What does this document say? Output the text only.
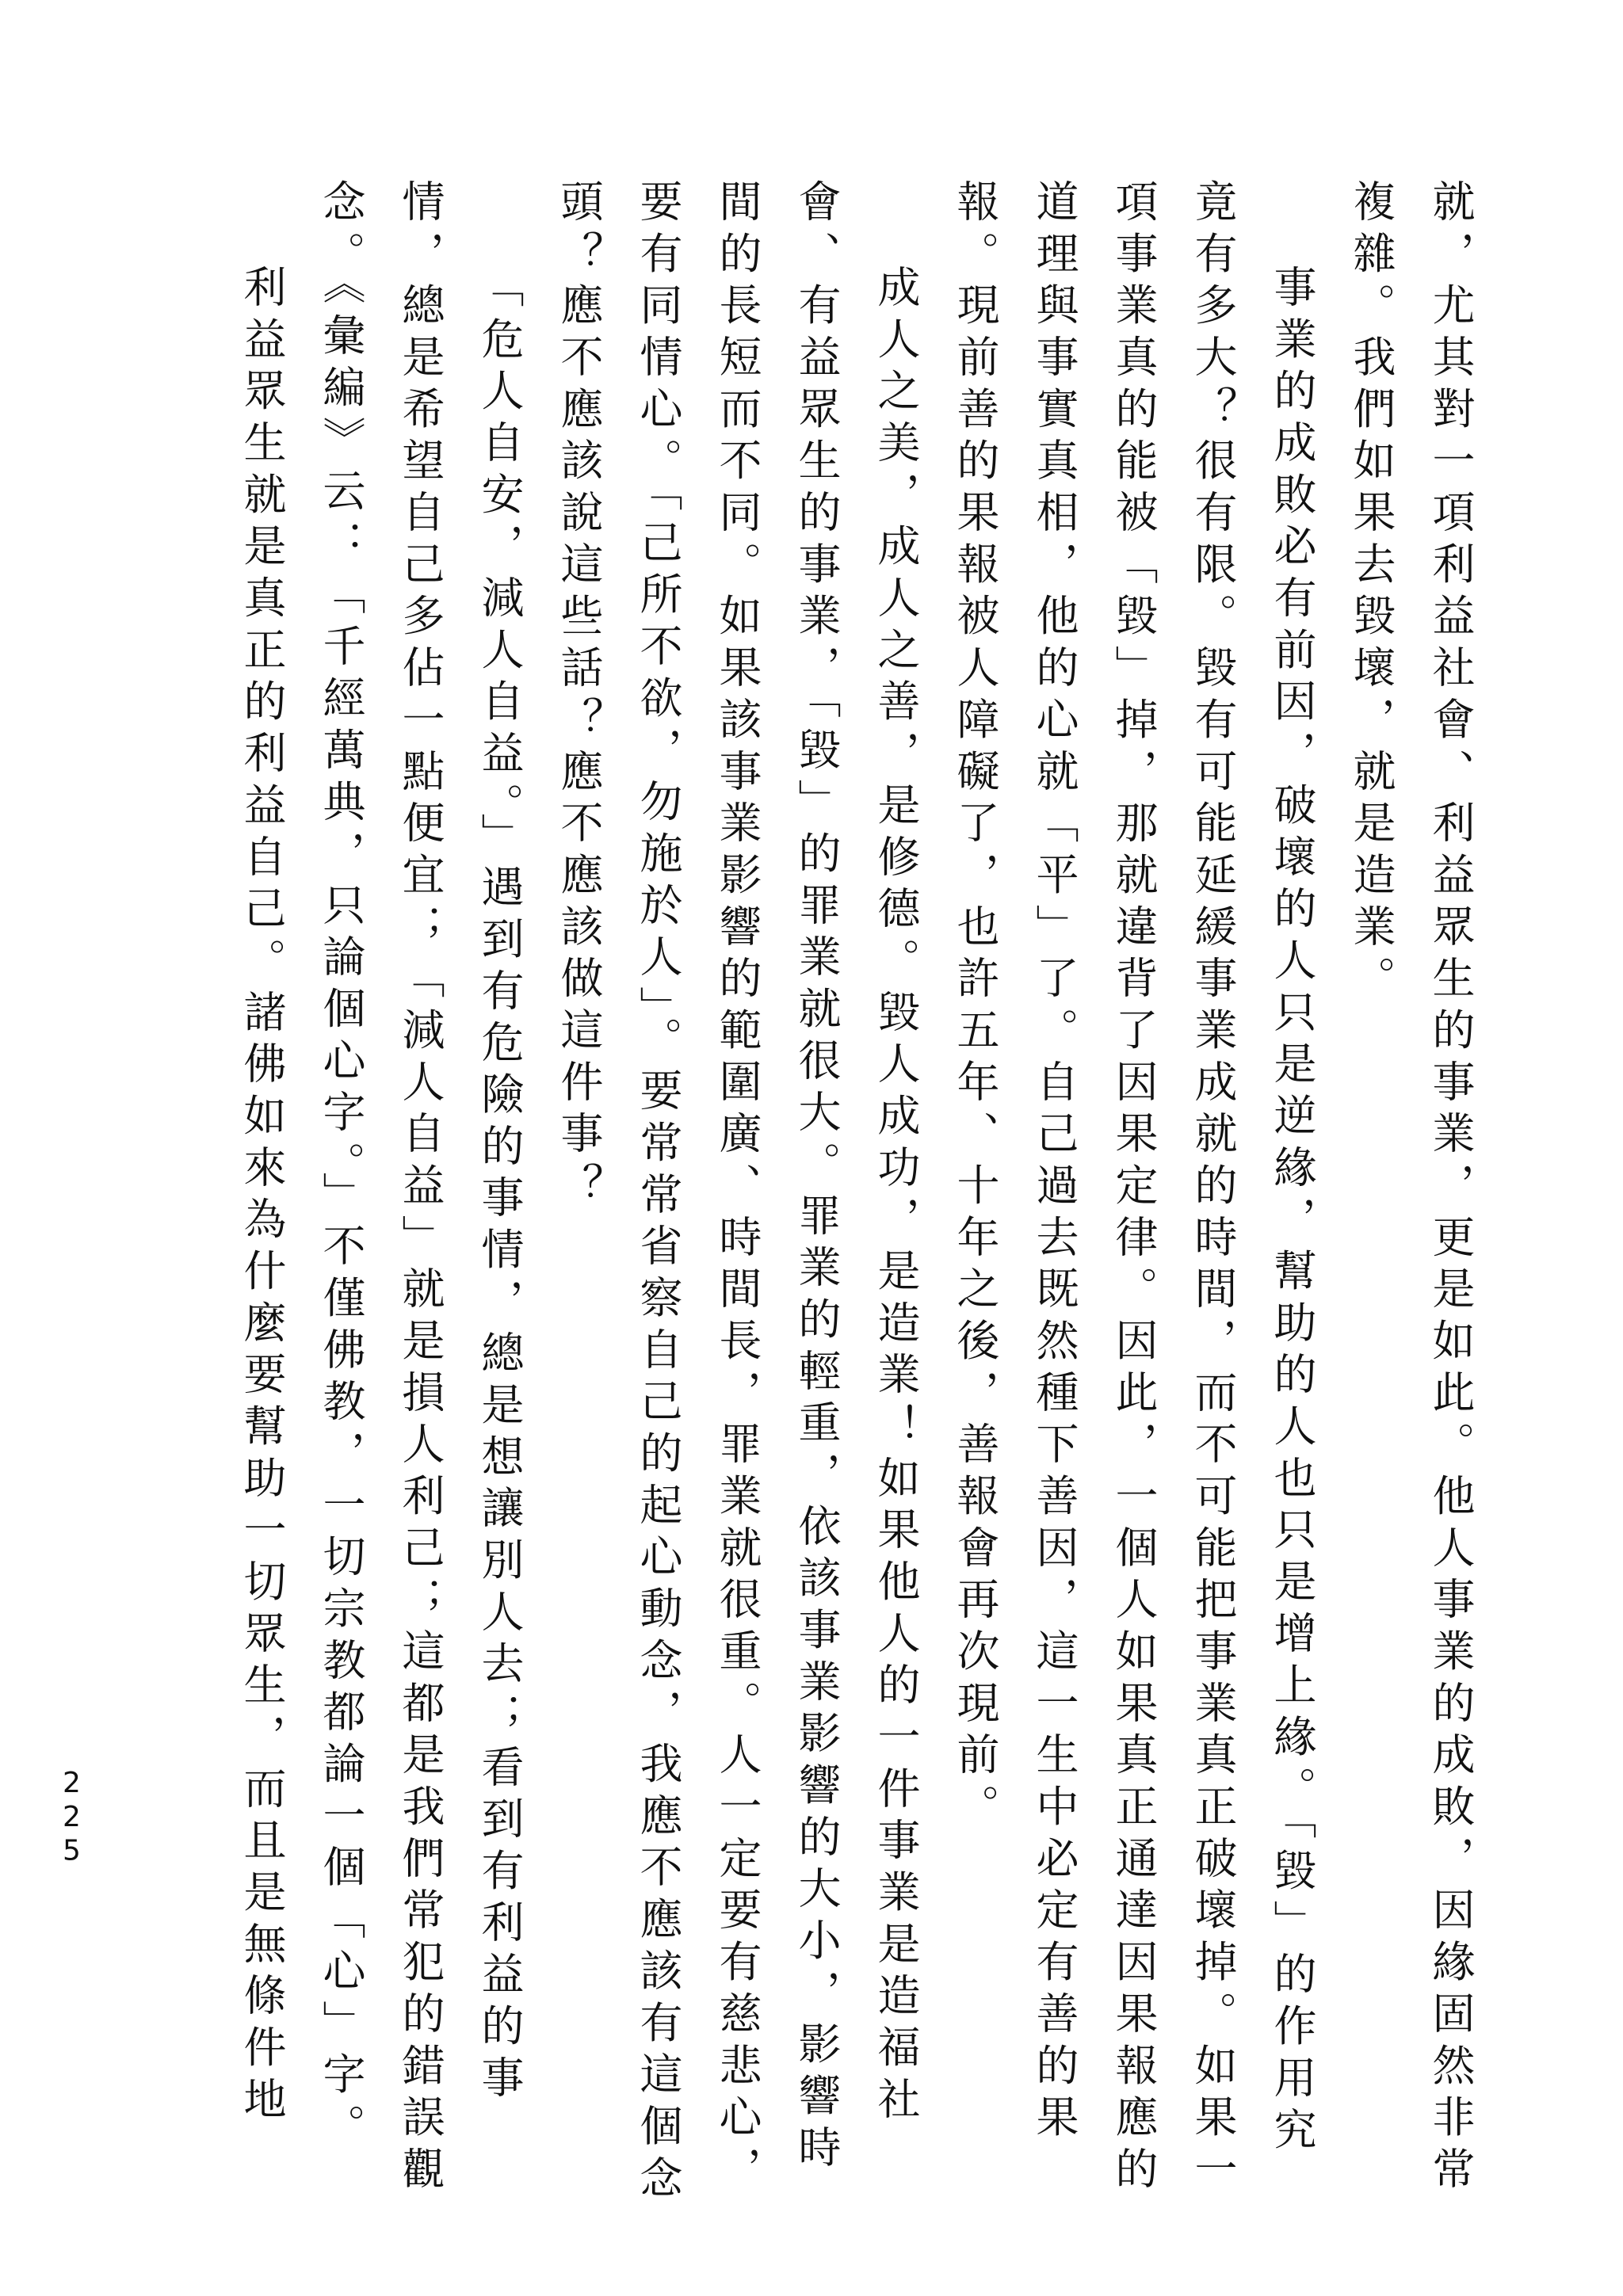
就，尤其對一項利益社會、利益眾生的事業，更是如此。他人事業的成敗，因緣固然非常複雜。我們如果去毀壞，就是造業。

事業的成敗必有前因，破壞的人只是逆緣，幫助的人也只是增上緣。「毀」的作用究竟有多大？很有限。毀有可能延緩事業成就的時間，而不可能把事業真正破壞掉。如果一項事業真的能被「毀」掉，那就違背了因果定律。因此，一個人如果真正通達因果報應的道理與事實真相，他的心就「平」了。自己過去既然種下善因，這一生中必定有善的果報。現前善的果報被人障礙了，也許五年、十年之後，善報會再次現前。

成人之美，成人之善，是修德。毀人成功，是造業！如果他人的一件事業是造福社會、有益眾生的事業，「毀」的罪業就很大。罪業的輕重，依該事業影響的大小，影響時間的長短而不同。如果該事業影響的範圍廣、時間長，罪業就很重。人一定要有慈悲心，要有同情心。「己所不欲，勿施於人」。要常常省察自己的起心動念，我應不應該有這個念頭？應不應該說這些話？應不應該做這件事？

「危人自安，減人自益。」遇到有危險的事情，總是想讓別人去；看到有利益的事情，總是希望自己多佔一點便宜；「減人自益」就是損人利己；這都是我們常犯的錯誤觀念。《彙編》云：「千經萬典，只論個心字。」不僅佛教，一切宗教都論一個「心」字。

利益眾生就是真正的利益自己。諸佛如來為什麼要幫助一切眾生，而且是無條件地

225
